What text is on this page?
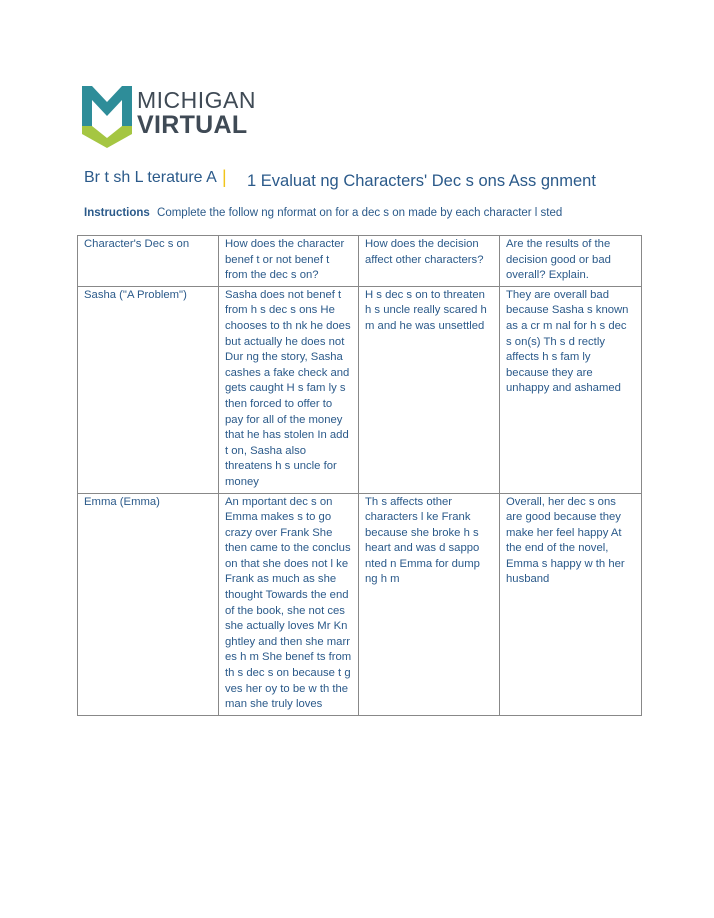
MICHIGAN
VIRTUAL
Br t sh L terature A | 1 Evaluat ng Characters' Dec s ons Ass gnment
Instructions Complete the follow ng nformat on for a dec s on made by each character l sted
Character's Dec s on	How does the character benef t or not benef t from the dec s on?	How does the decision affect other characters?	Are the results of the decision good or bad overall? Explain.
Sasha ("A Problem")	Sasha does not benef t from h s dec s ons He chooses to th nk he does but actually he does not Dur ng the story, Sasha cashes a fake check and gets caught H s fam ly s then forced to offer to pay for all of the money that he has stolen In add t on, Sasha also threatens h s uncle for money	H s dec s on to threaten h s uncle really scared h m and he was unsettled	They are overall bad because Sasha s known as a cr m nal for h s dec s on(s) Th s d rectly affects h s fam ly because they are unhappy and ashamed
Emma (Emma)	An mportant dec s on Emma makes s to go crazy over Frank She then came to the conclus on that she does not l ke Frank as much as she thought Towards the end of the book, she not ces she actually loves Mr Kn ghtley and then she marr es h m She benef ts from th s dec s on because t g ves her oy to be w th the man she truly loves	Th s affects other characters l ke Frank because she broke h s heart and was d sappo nted n Emma for dump ng h m	Overall, her dec s ons are good because they make her feel happy At the end of the novel, Emma s happy w th her husband
